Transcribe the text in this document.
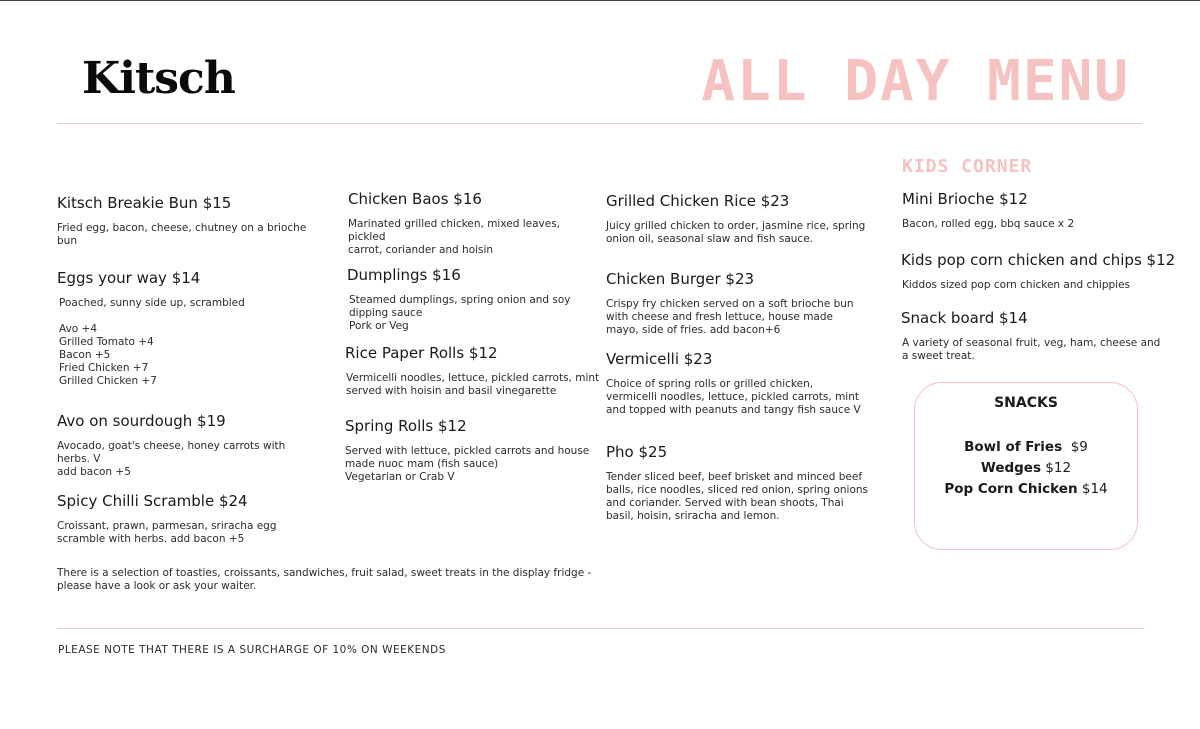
Kitsch	ALL DAY MENU
Kitsch Breakie Bun $15
Fried egg, bacon, cheese, chutney on a brioche
bun
Eggs your way $14
Poached, sunny side up, scrambled

Avo +4
Grilled Tomato +4
Bacon +5
Fried Chicken +7
Grilled Chicken +7
Avo on sourdough $19
Avocado, goat's cheese, honey carrots with
herbs. V
add bacon +5
Spicy Chilli Scramble $24
Croissant, prawn, parmesan, sriracha egg
scramble with herbs. add bacon +5
Chicken Baos $16
Marinated grilled chicken, mixed leaves, pickled
carrot, coriander and hoisin
Dumplings $16
Steamed dumplings, spring onion and soy
dipping sauce
Pork or Veg
Rice Paper Rolls $12
Vermicelli noodles, lettuce, pickled carrots, mint
served with hoisin and basil vinegarette
Spring Rolls $12
Served with lettuce, pickled carrots and house
made nuoc mam (fish sauce)
Vegetarian or Crab V
Grilled Chicken Rice $23
Juicy grilled chicken to order, jasmine rice, spring
onion oil, seasonal slaw and fish sauce.
Chicken Burger $23
Crispy fry chicken served on a soft brioche bun
with cheese and fresh lettuce, house made
mayo, side of fries. add bacon+6
Vermicelli $23
Choice of spring rolls or grilled chicken,
vermicelli noodles, lettuce, pickled carrots, mint
and topped with peanuts and tangy fish sauce V
Pho $25
Tender sliced beef, beef brisket and minced beef
balls, rice noodles, sliced red onion, spring onions
and coriander. Served with bean shoots, Thai
basil, hoisin, sriracha and lemon.
KIDS CORNER
Mini Brioche $12
Bacon, rolled egg, bbq sauce x 2
Kids pop corn chicken and chips $12
Kiddos sized pop corn chicken and chippies
Snack board $14
A variety of seasonal fruit, veg, ham, cheese and
a sweet treat.
SNACKS
Bowl of Fries $9
Wedges $12
Pop Corn Chicken $14
There is a selection of toasties, croissants, sandwiches, fruit salad, sweet treats in the display fridge - please have a look or ask your waiter.
PLEASE NOTE THAT THERE IS A SURCHARGE OF 10% ON WEEKENDS
